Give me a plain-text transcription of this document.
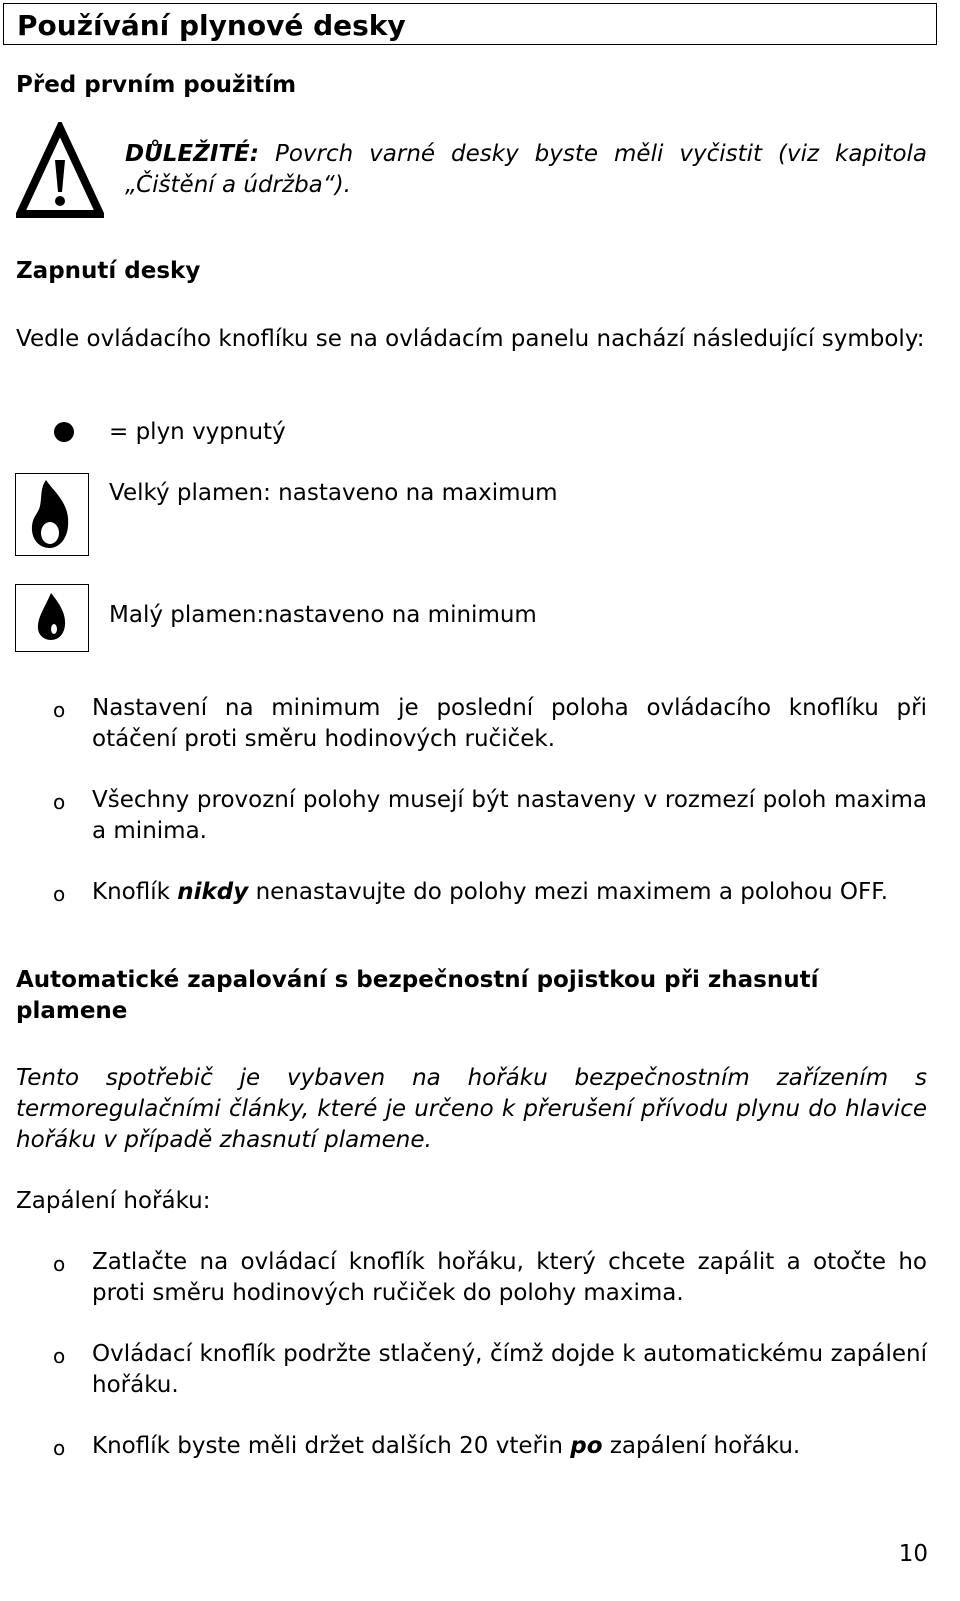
Používání plynové desky
Před prvním použitím
DŮLEŽITÉ: Povrch varné desky byste měli vyčistit (viz kapitola „Čištění a údržba“).
Zapnutí desky
Vedle ovládacího knoflíku se na ovládacím panelu nachází následující symboly:
= plyn vypnutý
Velký plamen: nastaveno na maximum
Malý plamen:nastaveno na minimum
o Nastavení na minimum je poslední poloha ovládacího knoflíku při otáčení proti směru hodinových ručiček.
o Všechny provozní polohy musejí být nastaveny v rozmezí poloh maxima a minima.
o Knoflík nikdy nenastavujte do polohy mezi maximem a polohou OFF.
Automatické zapalování s bezpečnostní pojistkou při zhasnutí plamene
Tento spotřebič je vybaven na hořáku bezpečnostním zařízením s termoregulačními články, které je určeno k přerušení přívodu plynu do hlavice hořáku v případě zhasnutí plamene.
Zapálení hořáku:
o Zatlačte na ovládací knoflík hořáku, který chcete zapálit a otočte ho proti směru hodinových ručiček do polohy maxima.
o Ovládací knoflík podržte stlačený, čímž dojde k automatickému zapálení hořáku.
o Knoflík byste měli držet dalších 20 vteřin po zapálení hořáku.
10
